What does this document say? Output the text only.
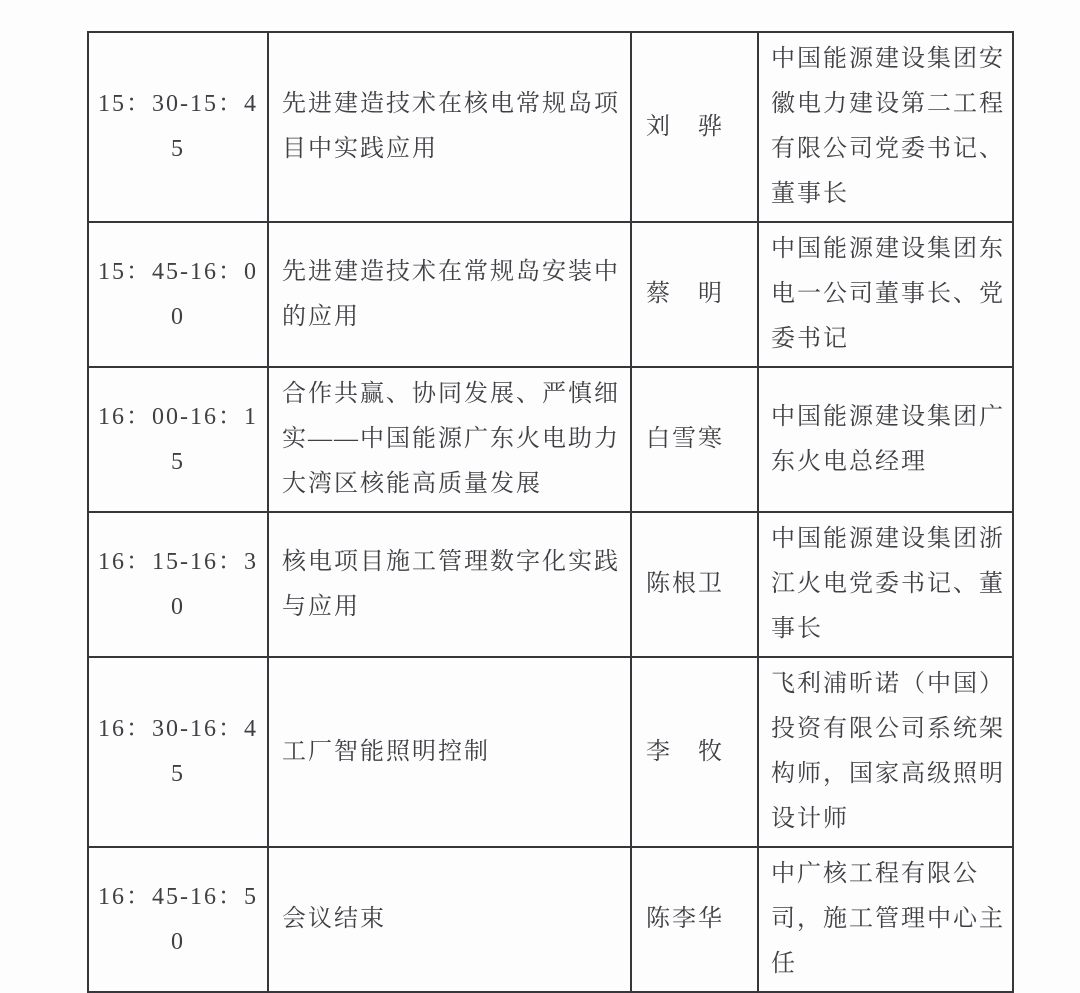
15：30-15：45	先进建造技术在核电常规岛项目中实践应用	刘　骅	中国能源建设集团安徽电力建设第二工程有限公司党委书记、董事长
15：45-16：00	先进建造技术在常规岛安装中的应用	蔡　明	中国能源建设集团东电一公司董事长、党委书记
16：00-16：15	合作共赢、协同发展、严慎细实——中国能源广东火电助力大湾区核能高质量发展	白雪寒	中国能源建设集团广东火电总经理
16：15-16：30	核电项目施工管理数字化实践与应用	陈根卫	中国能源建设集团浙江火电党委书记、董事长
16：30-16：45	工厂智能照明控制	李　牧	飞利浦昕诺（中国）投资有限公司系统架构师，国家高级照明设计师
16：45-16：50	会议结束	陈李华	中广核工程有限公司，施工管理中心主任
